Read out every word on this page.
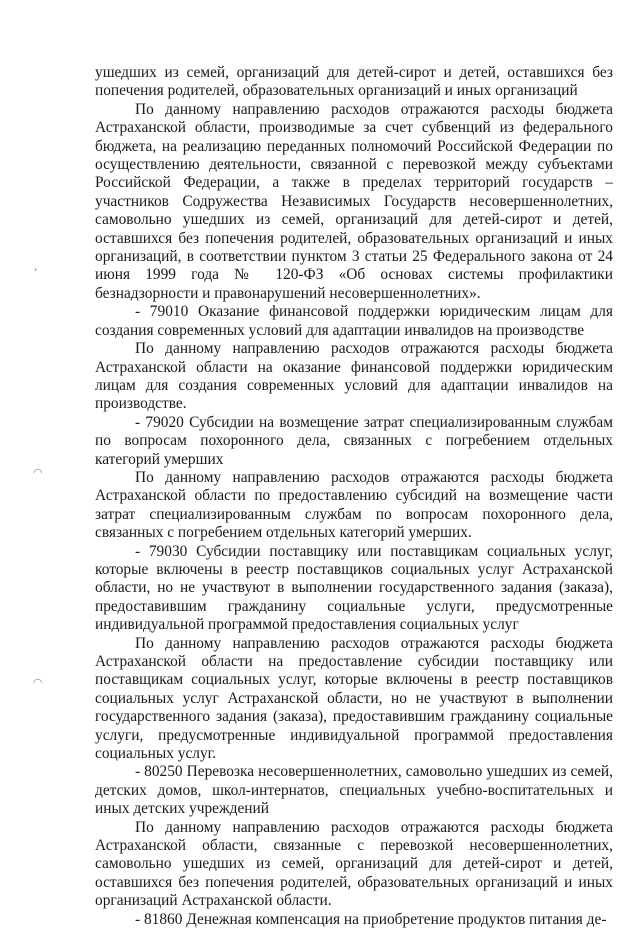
ʻ
◠
◠

ушедших из семей, организаций для детей-сирот и детей, оставшихся без попечения родителей, образовательных организаций и иных организаций

По данному направлению расходов отражаются расходы бюджета Астраханской области, производимые за счет субвенций из федерального бюджета, на реализацию переданных полномочий Российской Федерации по осуществлению деятельности, связанной с перевозкой между субъектами Российской Федерации, а также в пределах территорий государств – участников Содружества Независимых Государств несовершеннолетних, самовольно ушедших из семей, организаций для детей-сирот и детей, оставшихся без попечения родителей, образовательных организаций и иных организаций, в соответствии пунктом 3 статьи 25 Федерального закона от 24 июня 1999 года № 120-ФЗ «Об основах системы профилактики безнадзорности и правонарушений несовершеннолетних».

- 79010 Оказание финансовой поддержки юридическим лицам для создания современных условий для адаптации инвалидов на производстве

По данному направлению расходов отражаются расходы бюджета Астраханской области на оказание финансовой поддержки юридическим лицам для создания современных условий для адаптации инвалидов на производстве.

- 79020 Субсидии на возмещение затрат специализированным службам по вопросам похоронного дела, связанных с погребением отдельных категорий умерших

По данному направлению расходов отражаются расходы бюджета Астраханской области по предоставлению субсидий на возмещение части затрат специализированным службам по вопросам похоронного дела, связанных с погребением отдельных категорий умерших.

- 79030 Субсидии поставщику или поставщикам социальных услуг, которые включены в реестр поставщиков социальных услуг Астраханской области, но не участвуют в выполнении государственного задания (заказа), предоставившим гражданину социальные услуги, предусмотренные индивидуальной программой предоставления социальных услуг

По данному направлению расходов отражаются расходы бюджета Астраханской области на предоставление субсидии поставщику или поставщикам социальных услуг, которые включены в реестр поставщиков социальных услуг Астраханской области, но не участвуют в выполнении государственного задания (заказа), предоставившим гражданину социальные услуги, предусмотренные индивидуальной программой предоставления социальных услуг.

- 80250 Перевозка несовершеннолетних, самовольно ушедших из семей, детских домов, школ-интернатов, специальных учебно-воспитательных и иных детских учреждений

По данному направлению расходов отражаются расходы бюджета Астраханской области, связанные с перевозкой несовершеннолетних, самовольно ушедших из семей, организаций для детей-сирот и детей, оставшихся без попечения родителей, образовательных организаций и иных организаций Астраханской области.

- 81860 Денежная компенсация на приобретение продуктов питания де-
